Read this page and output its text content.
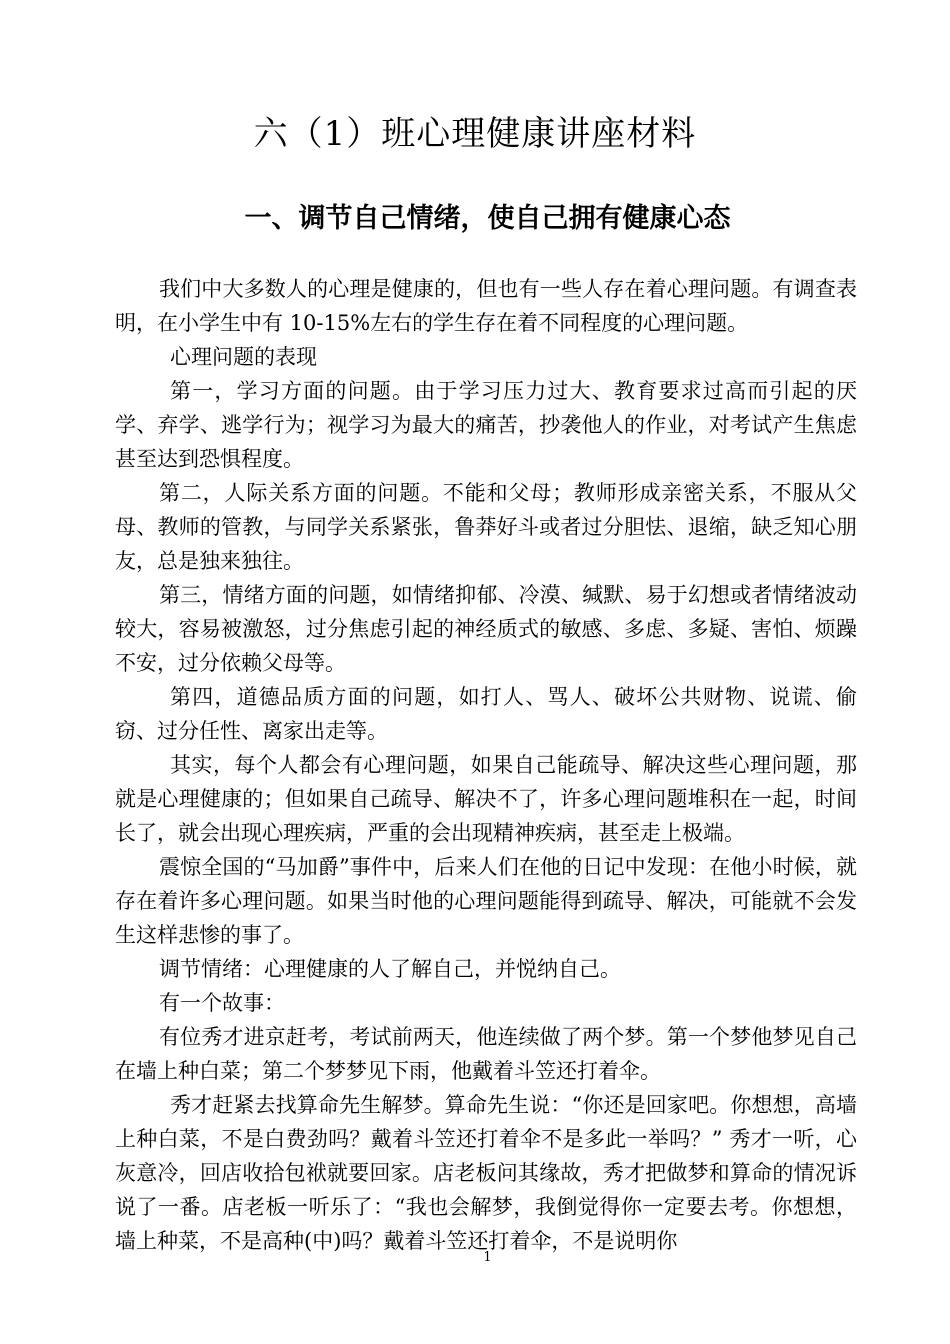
六（1）班心理健康讲座材料
一、调节自己情绪，使自己拥有健康心态

我们中大多数人的心理是健康的，但也有一些人存在着心理问题。有调查表明，在小学生中有 10-15%左右的学生存在着不同程度的心理问题。

心理问题的表现

第一，学习方面的问题。由于学习压力过大、教育要求过高而引起的厌学、弃学、逃学行为；视学习为最大的痛苦，抄袭他人的作业，对考试产生焦虑甚至达到恐惧程度。

第二，人际关系方面的问题。不能和父母；教师形成亲密关系，不服从父母、教师的管教，与同学关系紧张，鲁莽好斗或者过分胆怯、退缩，缺乏知心朋友，总是独来独往。

第三，情绪方面的问题，如情绪抑郁、冷漠、缄默、易于幻想或者情绪波动较大，容易被激怒，过分焦虑引起的神经质式的敏感、多虑、多疑、害怕、烦躁不安，过分依赖父母等。

第四，道德品质方面的问题，如打人、骂人、破坏公共财物、说谎、偷窃、过分任性、离家出走等。

其实，每个人都会有心理问题，如果自己能疏导、解决这些心理问题，那就是心理健康的；但如果自己疏导、解决不了，许多心理问题堆积在一起，时间长了，就会出现心理疾病，严重的会出现精神疾病，甚至走上极端。

震惊全国的“马加爵”事件中，后来人们在他的日记中发现：在他小时候，就存在着许多心理问题。如果当时他的心理问题能得到疏导、解决，可能就不会发生这样悲惨的事了。

调节情绪：心理健康的人了解自己，并悦纳自己。

有一个故事：

有位秀才进京赶考，考试前两天，他连续做了两个梦。第一个梦他梦见自己在墙上种白菜；第二个梦梦见下雨，他戴着斗笠还打着伞。

秀才赶紧去找算命先生解梦。算命先生说：“你还是回家吧。你想想，高墙上种白菜，不是白费劲吗？戴着斗笠还打着伞不是多此一举吗？” 秀才一听，心灰意冷，回店收拾包袱就要回家。店老板问其缘故，秀才把做梦和算命的情况诉说了一番。店老板一听乐了：“我也会解梦，我倒觉得你一定要去考。你想想，墙上种菜，不是高种(中)吗？戴着斗笠还打着伞，不是说明你

1
